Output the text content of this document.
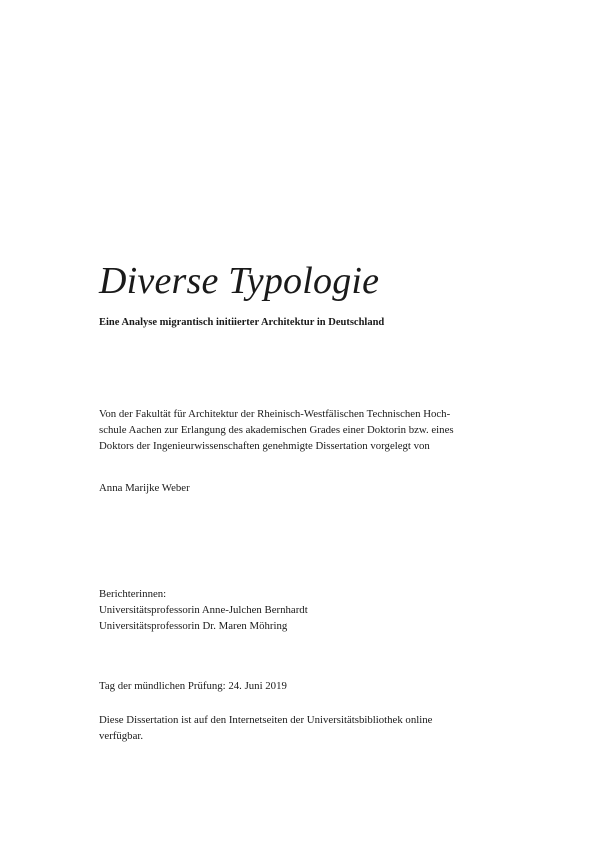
Diverse Typologie

Eine Analyse migrantisch initiierter Architektur in Deutschland

Von der Fakultät für Architektur der Rheinisch-Westfälischen Technischen Hoch-
schule Aachen zur Erlangung des akademischen Grades einer Doktorin bzw. eines
Doktors der Ingenieurwissenschaften genehmigte Dissertation vorgelegt von

Anna Marijke Weber

Berichterinnen:
Universitätsprofessorin Anne-Julchen Bernhardt
Universitätsprofessorin Dr. Maren Möhring

Tag der mündlichen Prüfung: 24. Juni 2019

Diese Dissertation ist auf den Internetseiten der Universitätsbibliothek online
verfügbar.
